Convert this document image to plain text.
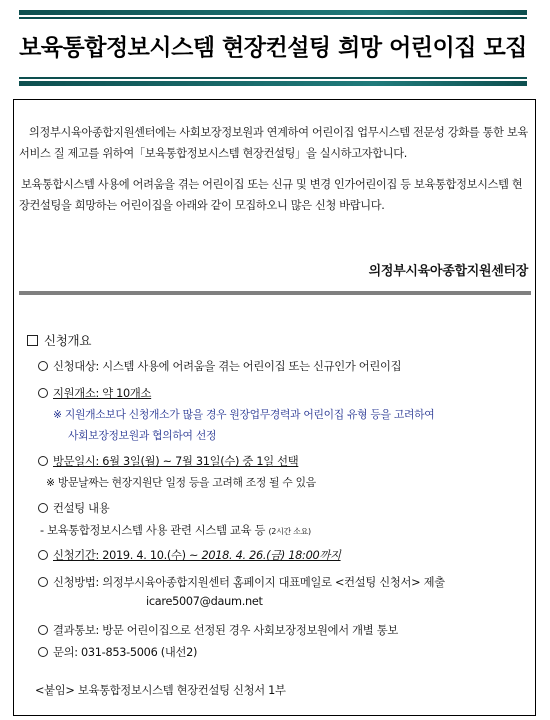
보육통합정보시스템 현장컨설팅 희망 어린이집 모집

의정부시육아종합지원센터에는 사회보장정보원과 연계하여 어린이집 업무시스템 전문성 강화를 통한 보육서비스 질 제고를 위하여「보육통합정보시스템 현장컨설팅」을 실시하고자합니다.

보육통합시스템 사용에 어려움을 겪는 어린이집 또는 신규 및 변경 인가어린이집 등 보육통합정보시스템 현장컨설팅을 희망하는 어린이집을 아래와 같이 모집하오니 많은 신청 바랍니다.

의정부시육아종합지원센터장
신청개요
신청대상: 시스템 사용에 어려움을 겪는 어린이집 또는 신규인가 어린이집
지원개소: 약 10개소
※ 지원개소보다 신청개소가 많을 경우 원장업무경력과 어린이집 유형 등을 고려하여
사회보장정보원과 협의하여 선정
방문일시: 6월 3일(월) ~ 7월 31일(수) 중 1일 선택
※ 방문날짜는 현장지원단 일정 등을 고려해 조정 될 수 있음
컨설팅 내용
- 보육통합정보시스템 사용 관련 시스템 교육 등 (2시간 소요)
신청기간: 2019. 4. 10.(수) ~ 2018. 4. 26.(금) 18:00까지
신청방법: 의정부시육아종합지원센터 홈페이지 대표메일로 <컨설팅 신청서> 제출
icare5007@daum.net
결과통보: 방문 어린이집으로 선정된 경우 사회보장정보원에서 개별 통보
문의: 031-853-5006 (내선2)
<붙임> 보육통합정보시스템 현장컨설팅 신청서 1부
